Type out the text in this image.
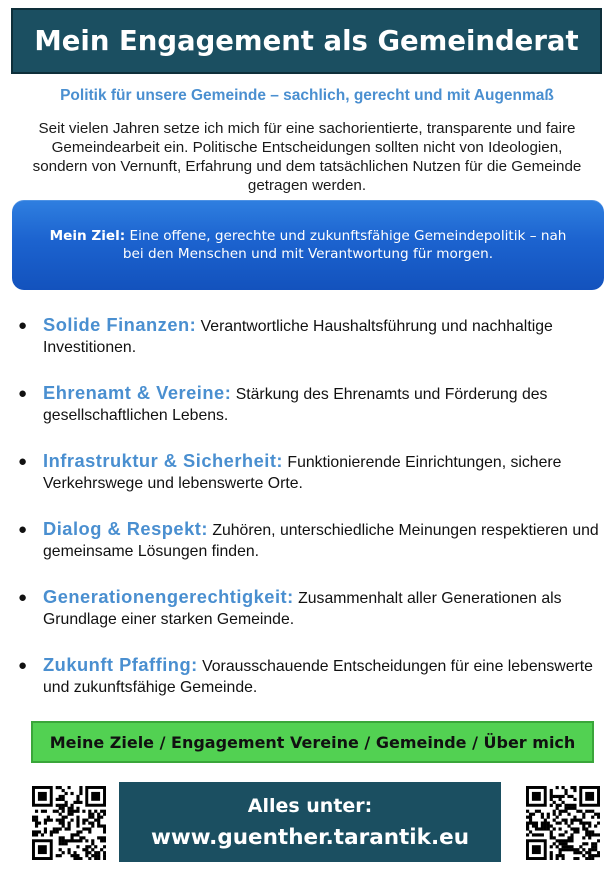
Mein Engagement als Gemeinderat
Politik für unsere Gemeinde – sachlich, gerecht und mit Augenmaß
Seit vielen Jahren setze ich mich für eine sachorientierte, transparente und faire Gemeindearbeit ein. Politische Entscheidungen sollten nicht von Ideologien, sondern von Vernunft, Erfahrung und dem tatsächlichen Nutzen für die Gemeinde getragen werden.
Mein Ziel: Eine offene, gerechte und zukunftsfähige Gemeindepolitik – nah bei den Menschen und mit Verantwortung für morgen.
● Solide Finanzen: Verantwortliche Haushaltsführung und nachhaltige Investitionen.
● Ehrenamt & Vereine: Stärkung des Ehrenamts und Förderung des gesellschaftlichen Lebens.
● Infrastruktur & Sicherheit: Funktionierende Einrichtungen, sichere Verkehrswege und lebenswerte Orte.
● Dialog & Respekt: Zuhören, unterschiedliche Meinungen respektieren und gemeinsame Lösungen finden.
● Generationengerechtigkeit: Zusammenhalt aller Generationen als Grundlage einer starken Gemeinde.
● Zukunft Pfaffing: Vorausschauende Entscheidungen für eine lebenswerte und zukunftsfähige Gemeinde.
Meine Ziele / Engagement Vereine / Gemeinde / Über mich
Alles unter:
www.guenther.tarantik.eu
